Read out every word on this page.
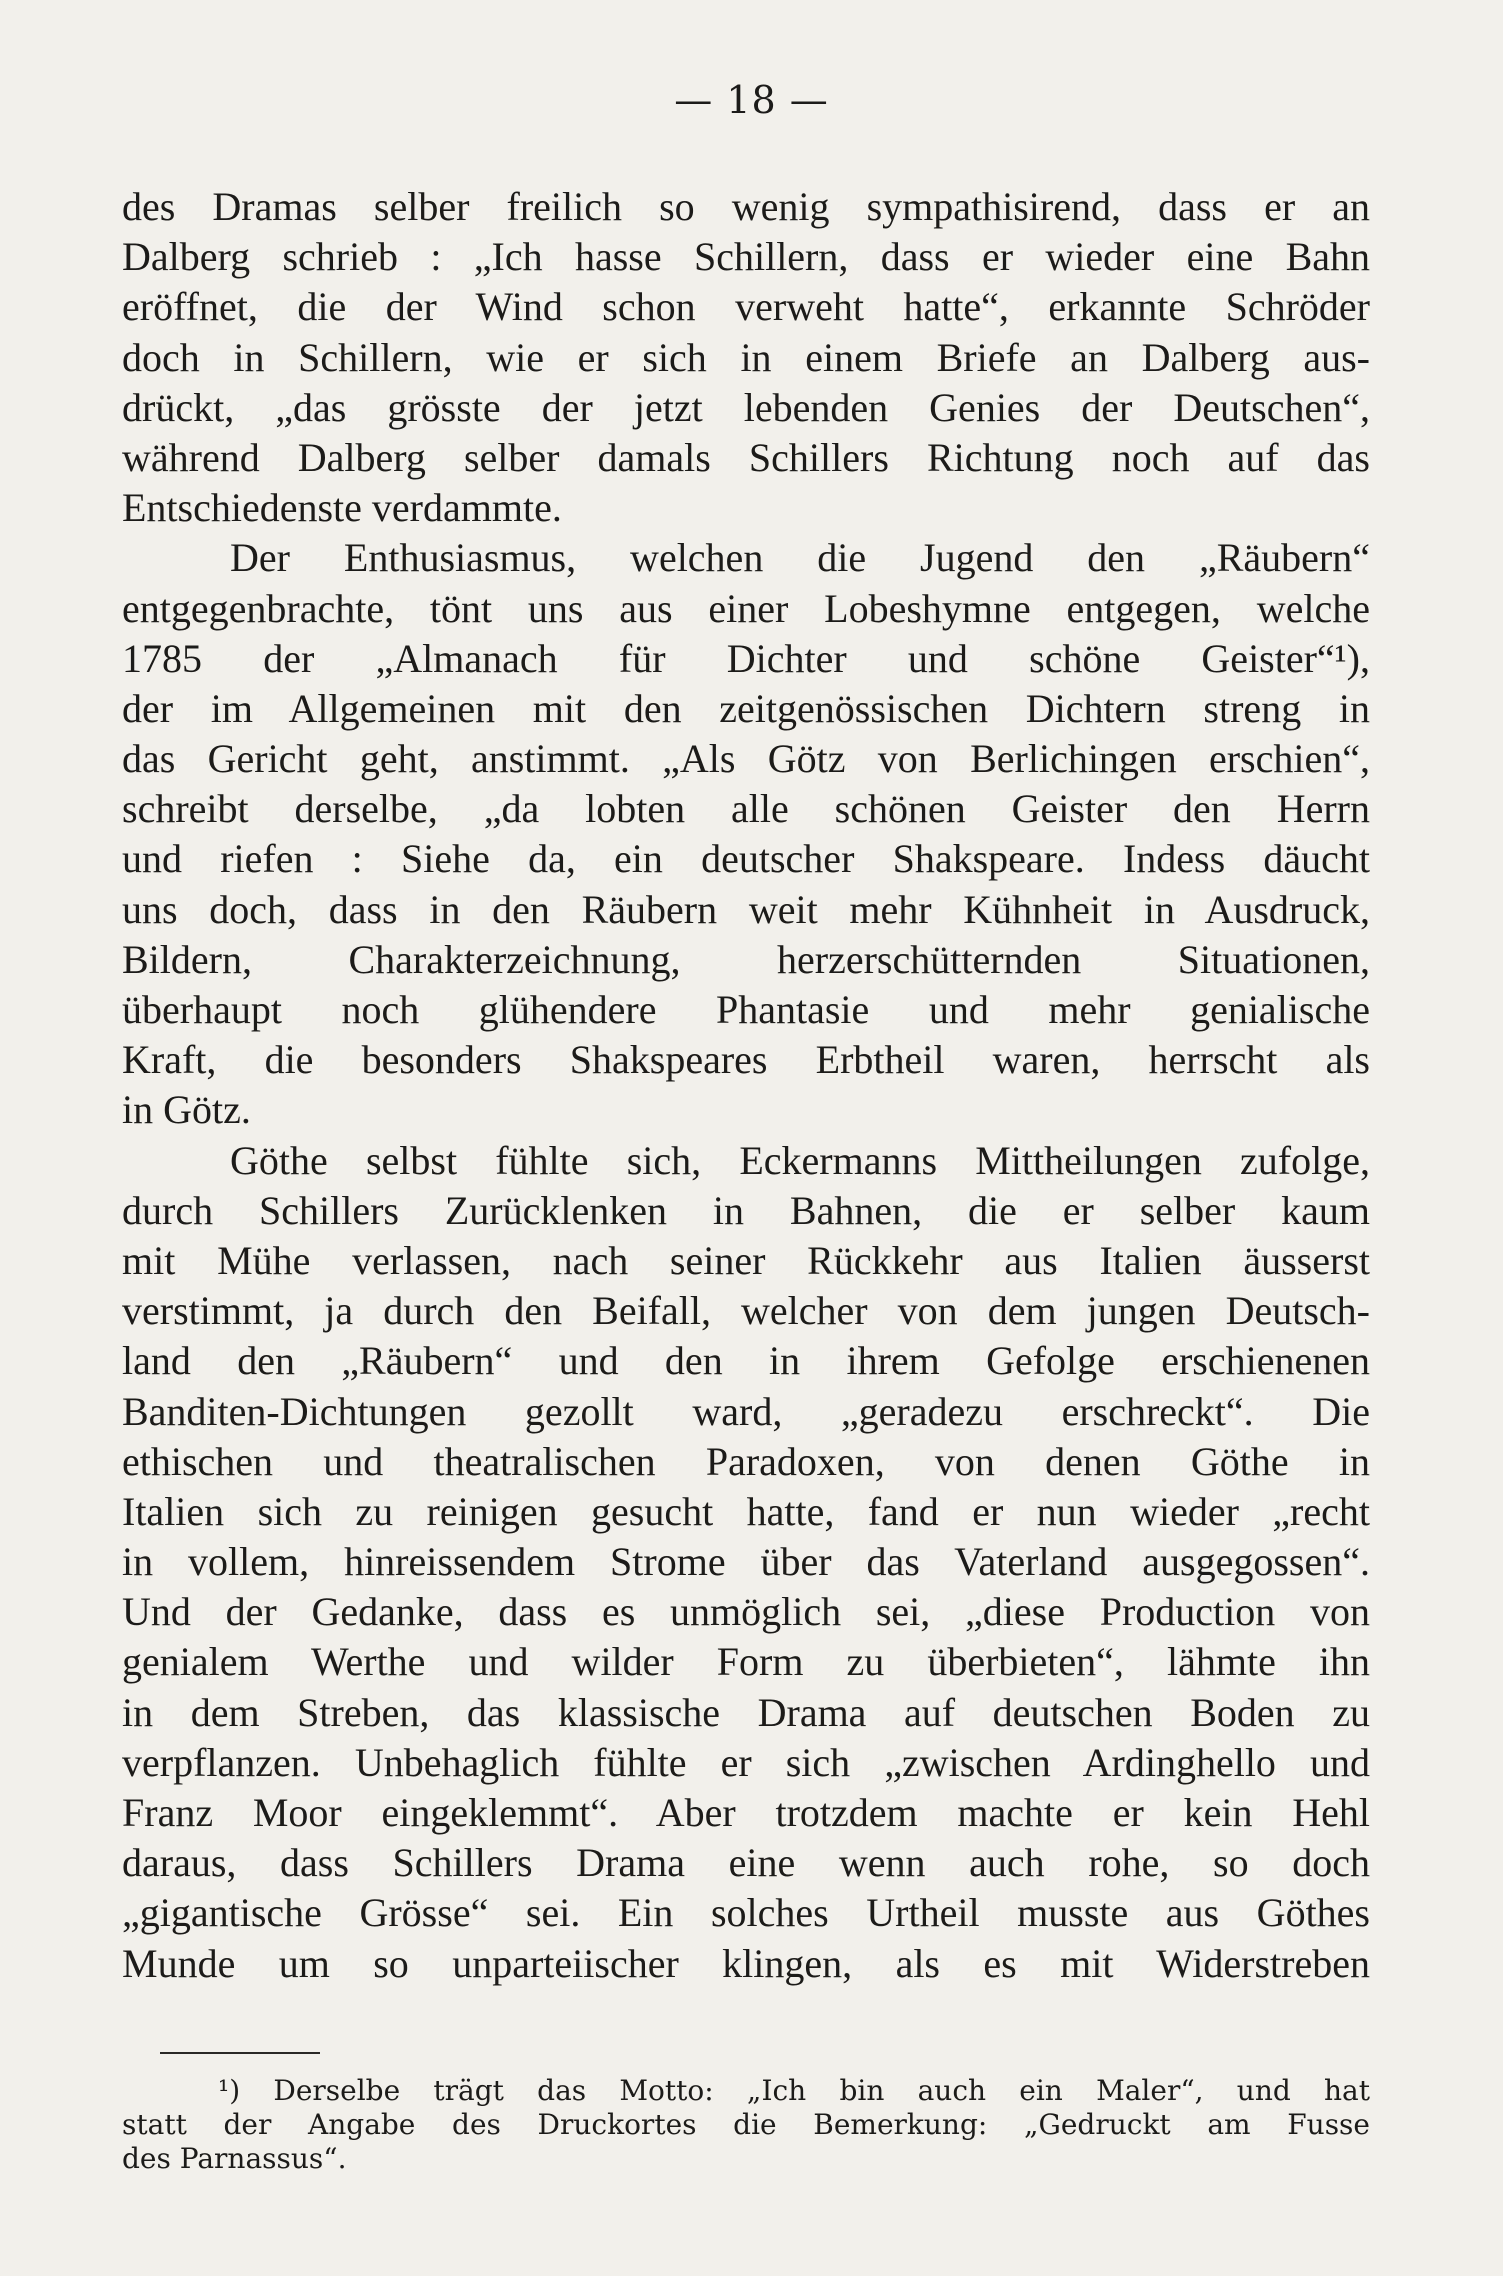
— 18 —
des Dramas selber freilich so wenig sympathisirend, dass er an
Dalberg schrieb : „Ich hasse Schillern, dass er wieder eine Bahn
eröffnet, die der Wind schon verweht hatte“, erkannte Schröder
doch in Schillern, wie er sich in einem Briefe an Dalberg aus-
drückt, „das grösste der jetzt lebenden Genies der Deutschen“,
während Dalberg selber damals Schillers Richtung noch auf das
Entschiedenste verdammte.
Der Enthusiasmus, welchen die Jugend den „Räubern“
entgegenbrachte, tönt uns aus einer Lobeshymne entgegen, welche
1785 der „Almanach für Dichter und schöne Geister“¹),
der im Allgemeinen mit den zeitgenössischen Dichtern streng in
das Gericht geht, anstimmt. „Als Götz von Berlichingen erschien“,
schreibt derselbe, „da lobten alle schönen Geister den Herrn
und riefen : Siehe da, ein deutscher Shakspeare. Indess däucht
uns doch, dass in den Räubern weit mehr Kühnheit in Ausdruck,
Bildern, Charakterzeichnung, herzerschütternden Situationen,
überhaupt noch glühendere Phantasie und mehr genialische
Kraft, die besonders Shakspeares Erbtheil waren, herrscht als
in Götz.
Göthe selbst fühlte sich, Eckermanns Mittheilungen zufolge,
durch Schillers Zurücklenken in Bahnen, die er selber kaum
mit Mühe verlassen, nach seiner Rückkehr aus Italien äusserst
verstimmt, ja durch den Beifall, welcher von dem jungen Deutsch-
land den „Räubern“ und den in ihrem Gefolge erschienenen
Banditen-Dichtungen gezollt ward, „geradezu erschreckt“. Die
ethischen und theatralischen Paradoxen, von denen Göthe in
Italien sich zu reinigen gesucht hatte, fand er nun wieder „recht
in vollem, hinreissendem Strome über das Vaterland ausgegossen“.
Und der Gedanke, dass es unmöglich sei, „diese Production von
genialem Werthe und wilder Form zu überbieten“, lähmte ihn
in dem Streben, das klassische Drama auf deutschen Boden zu
verpflanzen. Unbehaglich fühlte er sich „zwischen Ardinghello und
Franz Moor eingeklemmt“. Aber trotzdem machte er kein Hehl
daraus, dass Schillers Drama eine wenn auch rohe, so doch
„gigantische Grösse“ sei. Ein solches Urtheil musste aus Göthes
Munde um so unparteiischer klingen, als es mit Widerstreben
¹) Derselbe trägt das Motto: „Ich bin auch ein Maler“, und hat
statt der Angabe des Druckortes die Bemerkung: „Gedruckt am Fusse
des Parnassus“.
